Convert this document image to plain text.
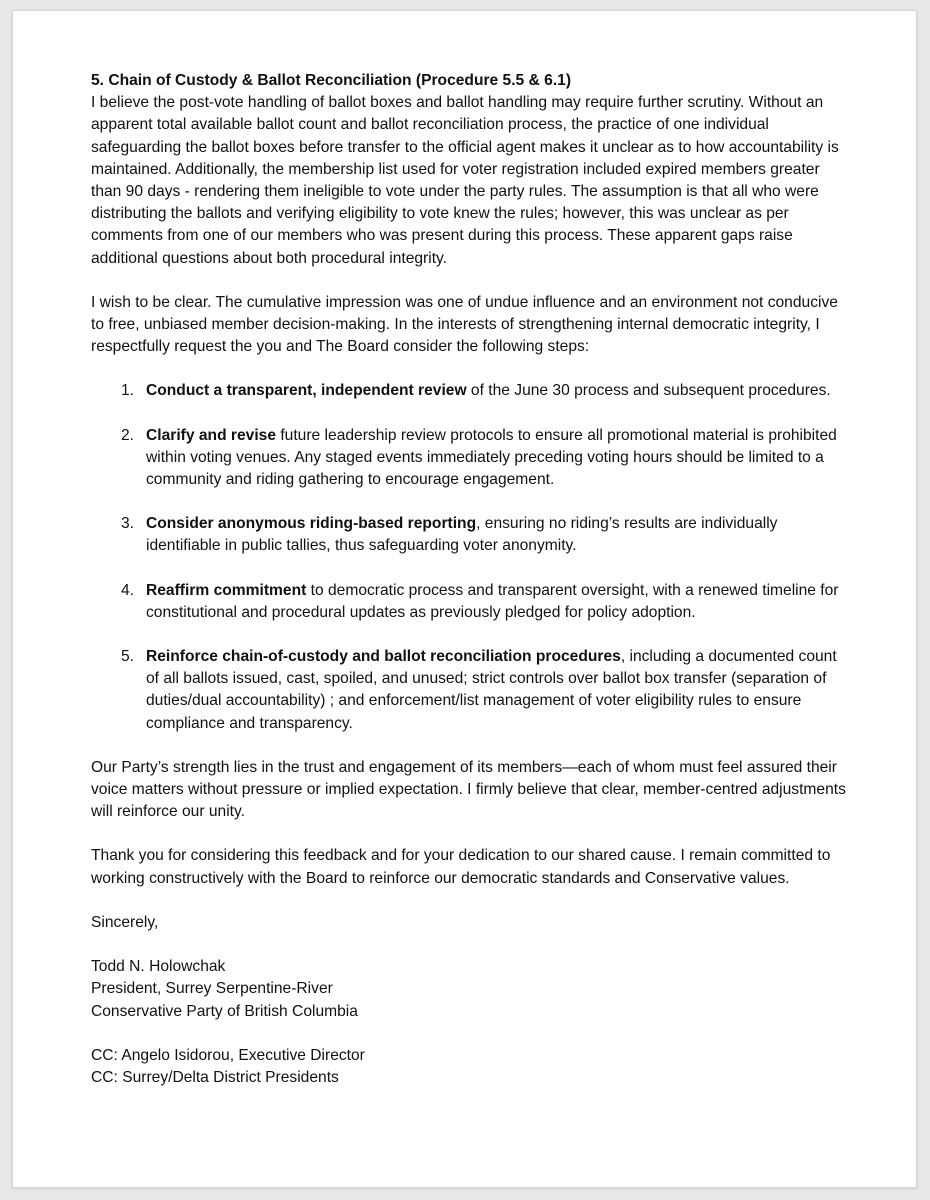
5. Chain of Custody & Ballot Reconciliation (Procedure 5.5 & 6.1)

I believe the post-vote handling of ballot boxes and ballot handling may require further scrutiny. Without an apparent total available ballot count and ballot reconciliation process, the practice of one individual safeguarding the ballot boxes before transfer to the official agent makes it unclear as to how accountability is maintained. Additionally, the membership list used for voter registration included expired members greater than 90 days - rendering them ineligible to vote under the party rules. The assumption is that all who were distributing the ballots and verifying eligibility to vote knew the rules; however, this was unclear as per comments from one of our members who was present during this process. These apparent gaps raise additional questions about both procedural integrity.

I wish to be clear. The cumulative impression was one of undue influence and an environment not conducive to free, unbiased member decision-making. In the interests of strengthening internal democratic integrity, I respectfully request the you and The Board consider the following steps:

1. Conduct a transparent, independent review of the June 30 process and subsequent procedures.
2. Clarify and revise future leadership review protocols to ensure all promotional material is prohibited within voting venues. Any staged events immediately preceding voting hours should be limited to a community and riding gathering to encourage engagement.
3. Consider anonymous riding-based reporting, ensuring no riding’s results are individually identifiable in public tallies, thus safeguarding voter anonymity.
4. Reaffirm commitment to democratic process and transparent oversight, with a renewed timeline for constitutional and procedural updates as previously pledged for policy adoption.
5. Reinforce chain-of-custody and ballot reconciliation procedures, including a documented count of all ballots issued, cast, spoiled, and unused; strict controls over ballot box transfer (separation of duties/dual accountability) ; and enforcement/list management of voter eligibility rules to ensure compliance and transparency.

Our Party’s strength lies in the trust and engagement of its members—each of whom must feel assured their voice matters without pressure or implied expectation. I firmly believe that clear, member-centred adjustments will reinforce our unity.

Thank you for considering this feedback and for your dedication to our shared cause. I remain committed to working constructively with the Board to reinforce our democratic standards and Conservative values.

Sincerely,

Todd N. Holowchak
President, Surrey Serpentine-River
Conservative Party of British Columbia
CC: Angelo Isidorou, Executive Director
CC: Surrey/Delta District Presidents
